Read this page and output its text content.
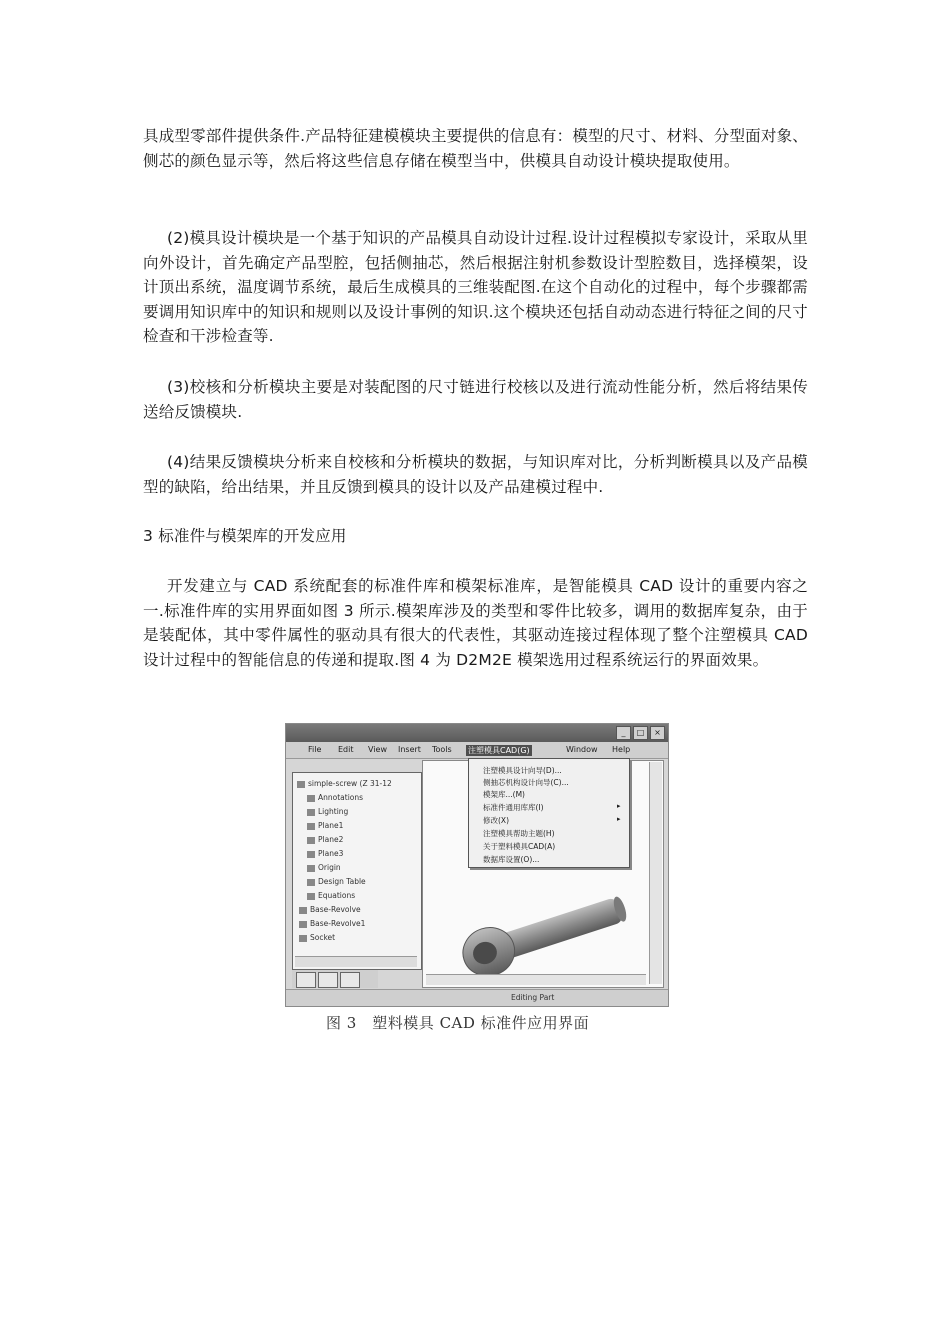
具成型零部件提供条件.产品特征建模模块主要提供的信息有：模型的尺寸、材料、分型面对象、侧芯的颜色显示等，然后将这些信息存储在模型当中，供模具自动设计模块提取使用。

(2)模具设计模块是一个基于知识的产品模具自动设计过程.设计过程模拟专家设计，采取从里向外设计，首先确定产品型腔，包括侧抽芯，然后根据注射机参数设计型腔数目，选择模架，设计顶出系统，温度调节系统，最后生成模具的三维装配图.在这个自动化的过程中，每个步骤都需要调用知识库中的知识和规则以及设计事例的知识.这个模块还包括自动动态进行特征之间的尺寸检查和干涉检查等.

(3)校核和分析模块主要是对装配图的尺寸链进行校核以及进行流动性能分析，然后将结果传送给反馈模块.

(4)结果反馈模块分析来自校核和分析模块的数据，与知识库对比，分析判断模具以及产品模型的缺陷，给出结果，并且反馈到模具的设计以及产品建模过程中.

3 标准件与模架库的开发应用

开发建立与 CAD 系统配套的标准件库和模架标准库，是智能模具 CAD 设计的重要内容之一.标准件库的实用界面如图 3 所示.模架库涉及的类型和零件比较多，调用的数据库复杂，由于是装配体，其中零件属性的驱动具有很大的代表性，其驱动连接过程体现了整个注塑模具 CAD 设计过程中的智能信息的传递和提取.图 4 为 D2M2E 模架选用过程系统运行的界面效果。

_	□	×
File Edit View Insert Tools 注塑模具CAD(G)	Window Help
simple-screw (Z 31-12
Annotations
Lighting
Plane1
Plane2
Plane3
Origin
Design Table
Equations
Base-Revolve
Base-Revolve1
Socket
注塑模具设计向导(D)...
侧抽芯机构设计向导(C)...
模架库...(M)
标准件通用库库(I)
修改(X)
注塑模具帮助主题(H)
关于塑料模具CAD(A)
数据库设置(O)...
▸
▸
Editing Part
图 3　塑料模具 CAD 标准件应用界面
